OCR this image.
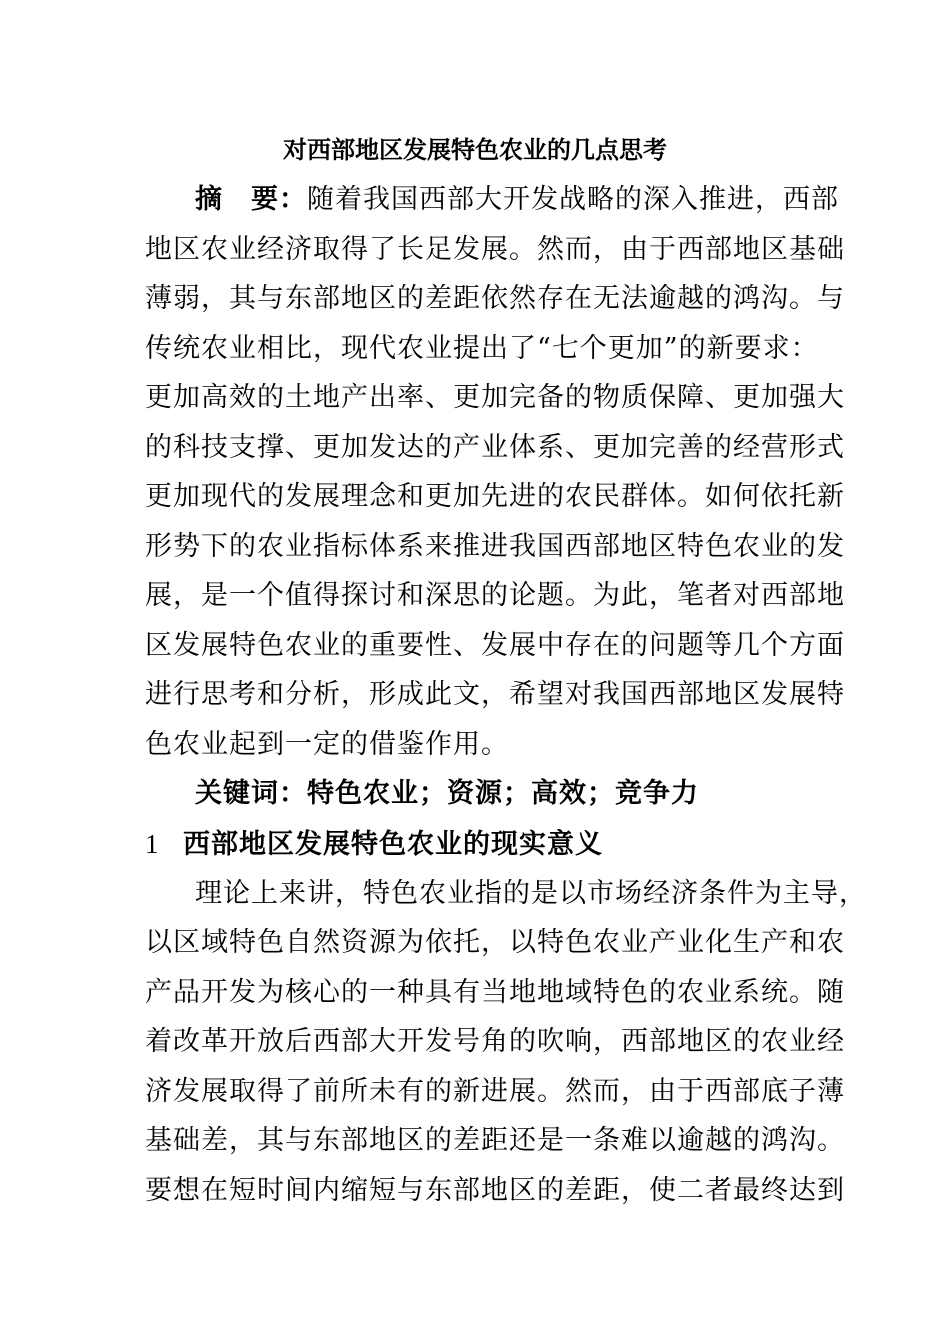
对西部地区发展特色农业的几点思考
摘　要：随着我国西部大开发战略的深入推进，西部
地区农业经济取得了长足发展。然而，由于西部地区基础
薄弱，其与东部地区的差距依然存在无法逾越的鸿沟。与
传统农业相比，现代农业提出了“七个更加”的新要求：
更加高效的土地产出率、更加完备的物质保障、更加强大
的科技支撑、更加发达的产业体系、更加完善的经营形式
更加现代的发展理念和更加先进的农民群体。如何依托新
形势下的农业指标体系来推进我国西部地区特色农业的发
展，是一个值得探讨和深思的论题。为此，笔者对西部地
区发展特色农业的重要性、发展中存在的问题等几个方面
进行思考和分析，形成此文，希望对我国西部地区发展特
色农业起到一定的借鉴作用。
关键词：特色农业；资源；高效；竞争力
1 西部地区发展特色农业的现实意义
理论上来讲，特色农业指的是以市场经济条件为主导，
以区域特色自然资源为依托，以特色农业产业化生产和农
产品开发为核心的一种具有当地地域特色的农业系统。随
着改革开放后西部大开发号角的吹响，西部地区的农业经
济发展取得了前所未有的新进展。然而，由于西部底子薄
基础差，其与东部地区的差距还是一条难以逾越的鸿沟。
要想在短时间内缩短与东部地区的差距，使二者最终达到
